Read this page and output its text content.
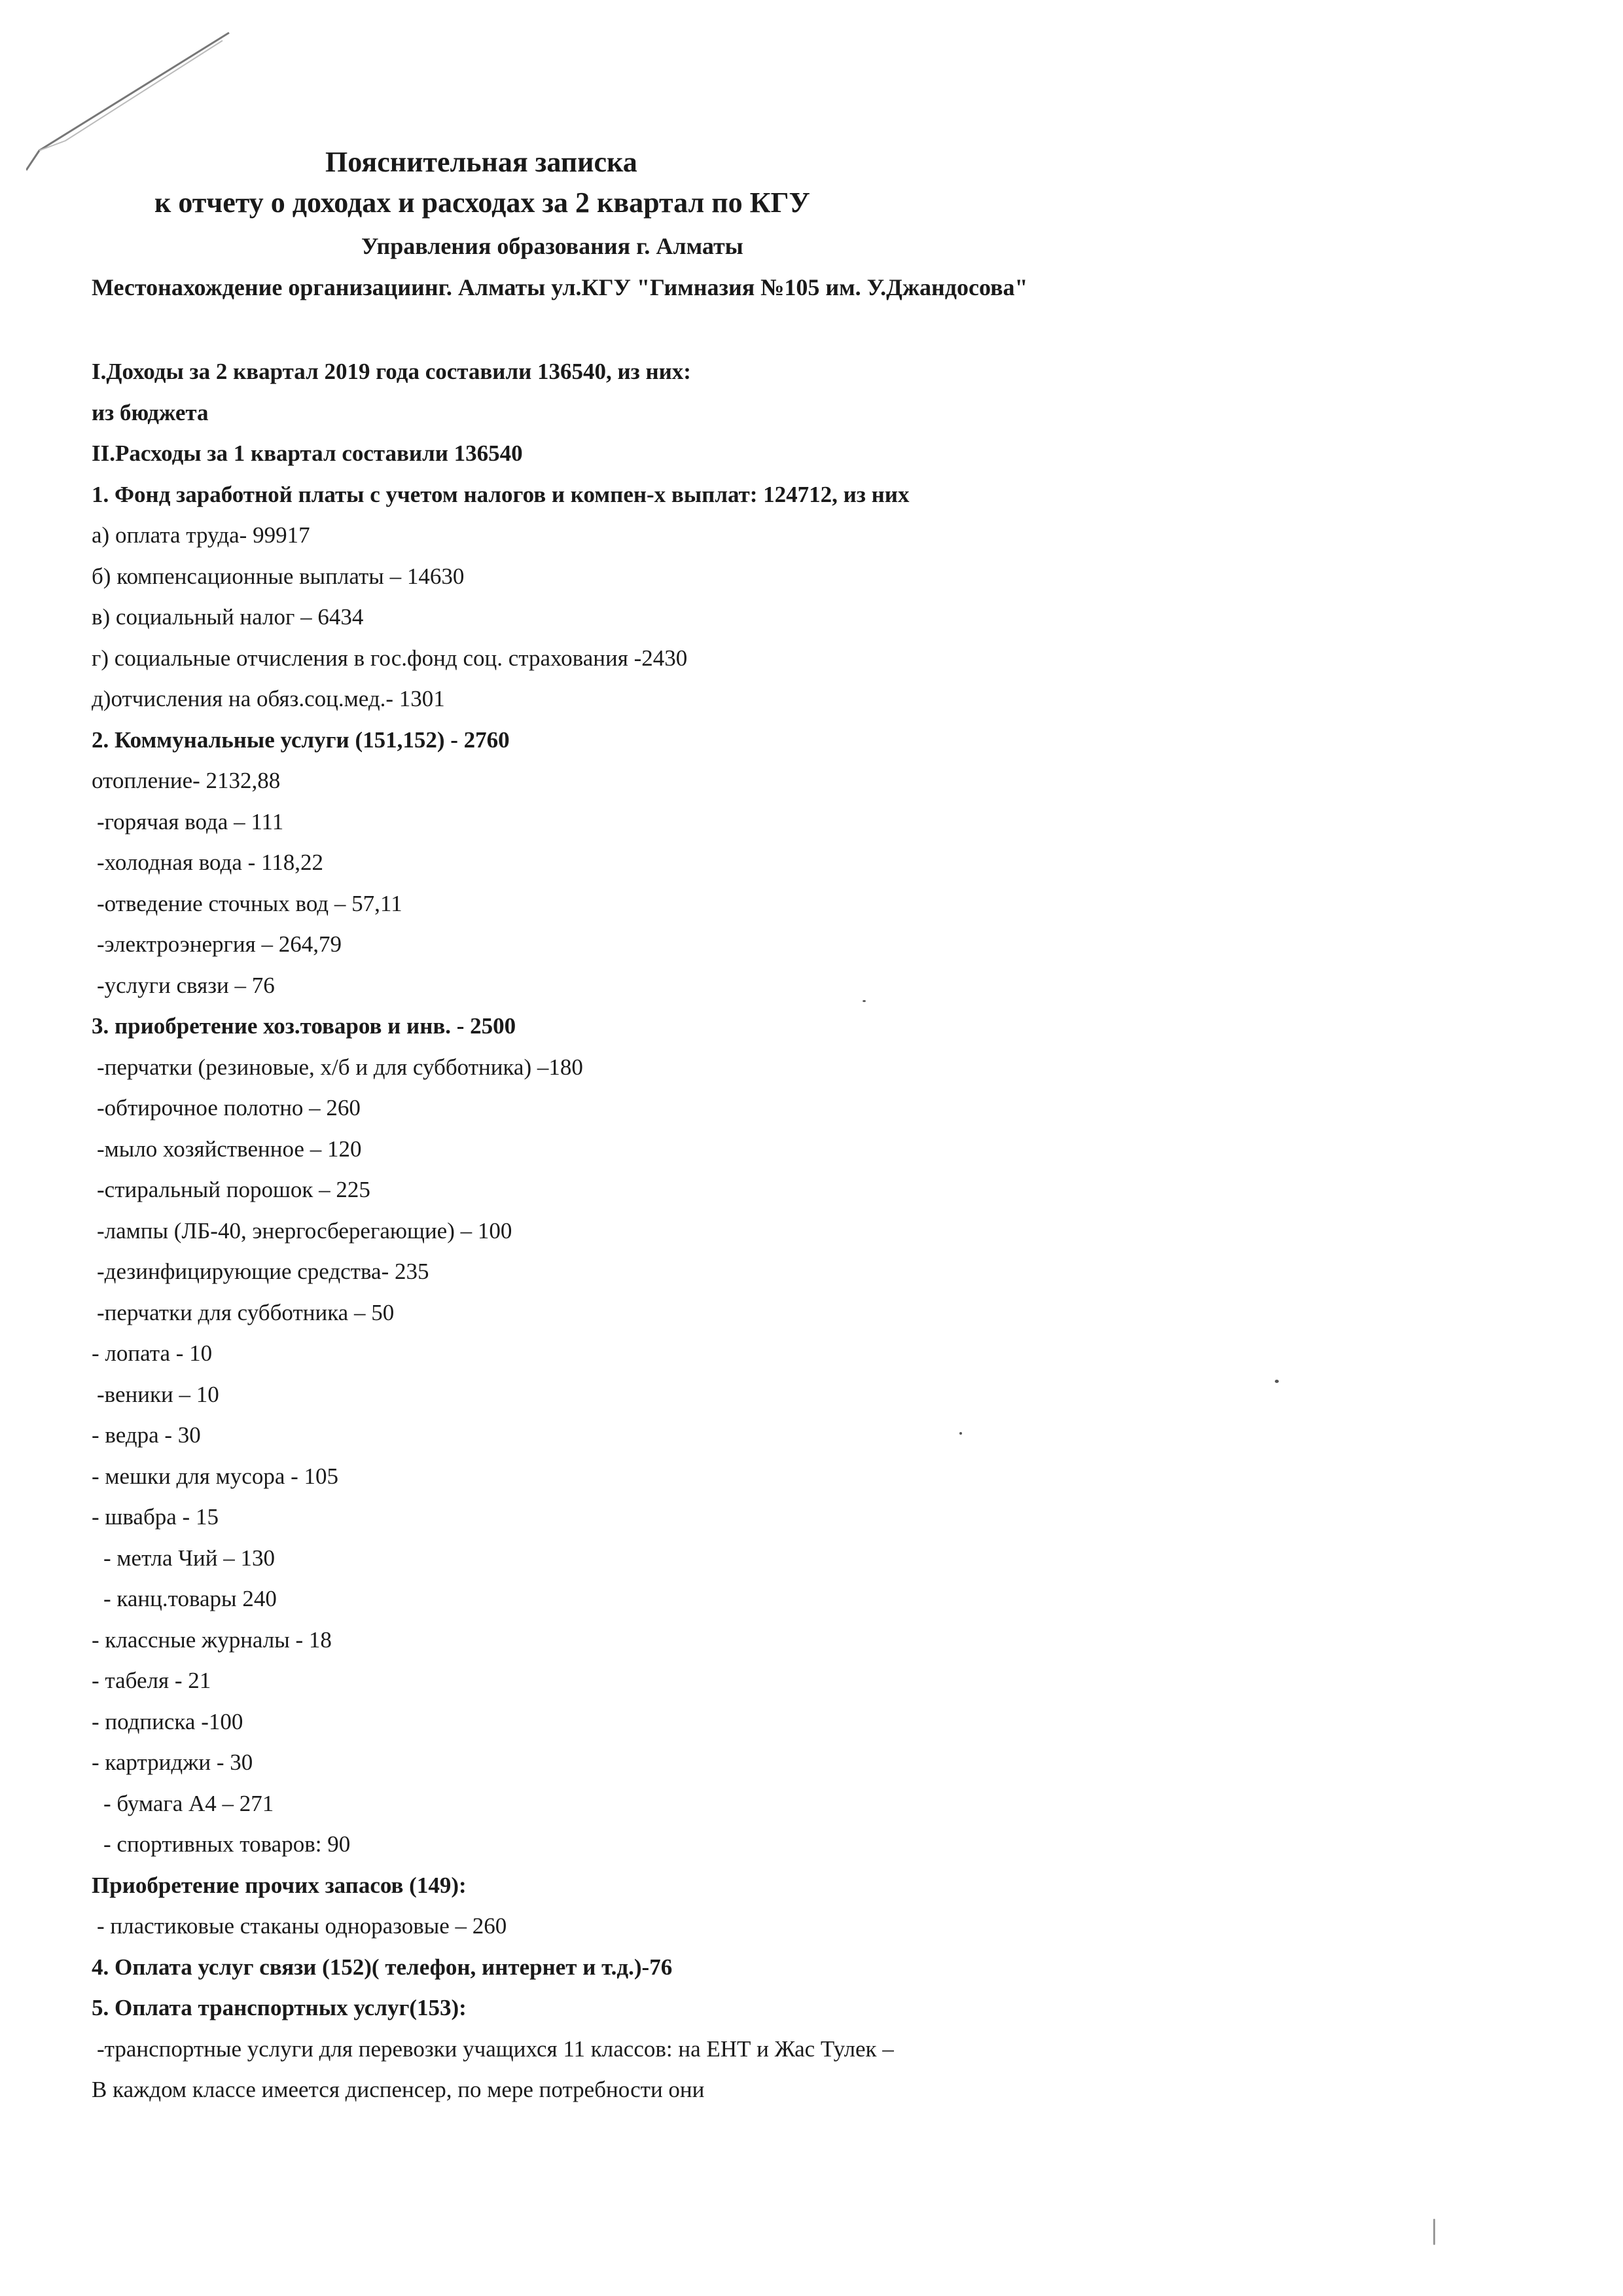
Пояснительная записка
к отчету о доходах и расходах за 2 квартал по КГУ
Управления образования г. Алматы
Местонахождение организациинг. Алматы ул.КГУ "Гимназия №105 им. У.Джандосова"
I.Доходы за 2 квартал 2019 года составили 136540, из них:
из бюджета
II.Расходы за 1 квартал составили 136540
1. Фонд заработной платы с учетом налогов и компен-х выплат: 124712, из них
а) оплата труда- 99917
б) компенсационные выплаты – 14630
в) социальный налог – 6434
г) социальные отчисления в гос.фонд соц. страхования -2430
д)отчисления на обяз.соц.мед.- 1301
2. Коммунальные услуги (151,152) - 2760
отопление- 2132,88
-горячая вода – 111
-холодная вода - 118,22
-отведение сточных вод – 57,11
-электроэнергия – 264,79
-услуги связи – 76
3. приобретение хоз.товаров и инв. - 2500
-перчатки (резиновые, х/б и для субботника) –180
-обтирочное полотно – 260
-мыло хозяйственное – 120
-стиральный порошок – 225
-лампы (ЛБ-40, энергосберегающие) – 100
-дезинфицирующие средства- 235
-перчатки для субботника – 50
- лопата - 10
-веники – 10
- ведра - 30
- мешки для мусора - 105
- швабра - 15
- метла Чий – 130
- канц.товары 240
- классные журналы - 18
- табеля - 21
- подписка -100
- картриджи - 30
- бумага А4 – 271
- спортивных товаров: 90
Приобретение прочих запасов (149):
- пластиковые стаканы одноразовые – 260
4. Оплата услуг связи (152)( телефон, интернет и т.д.)-76
5. Оплата транспортных услуг(153):
-транспортные услуги для перевозки учащихся 11 классов: на ЕНТ и Жас Тулек –
В каждом классе имеется диспенсер, по мере потребности они
